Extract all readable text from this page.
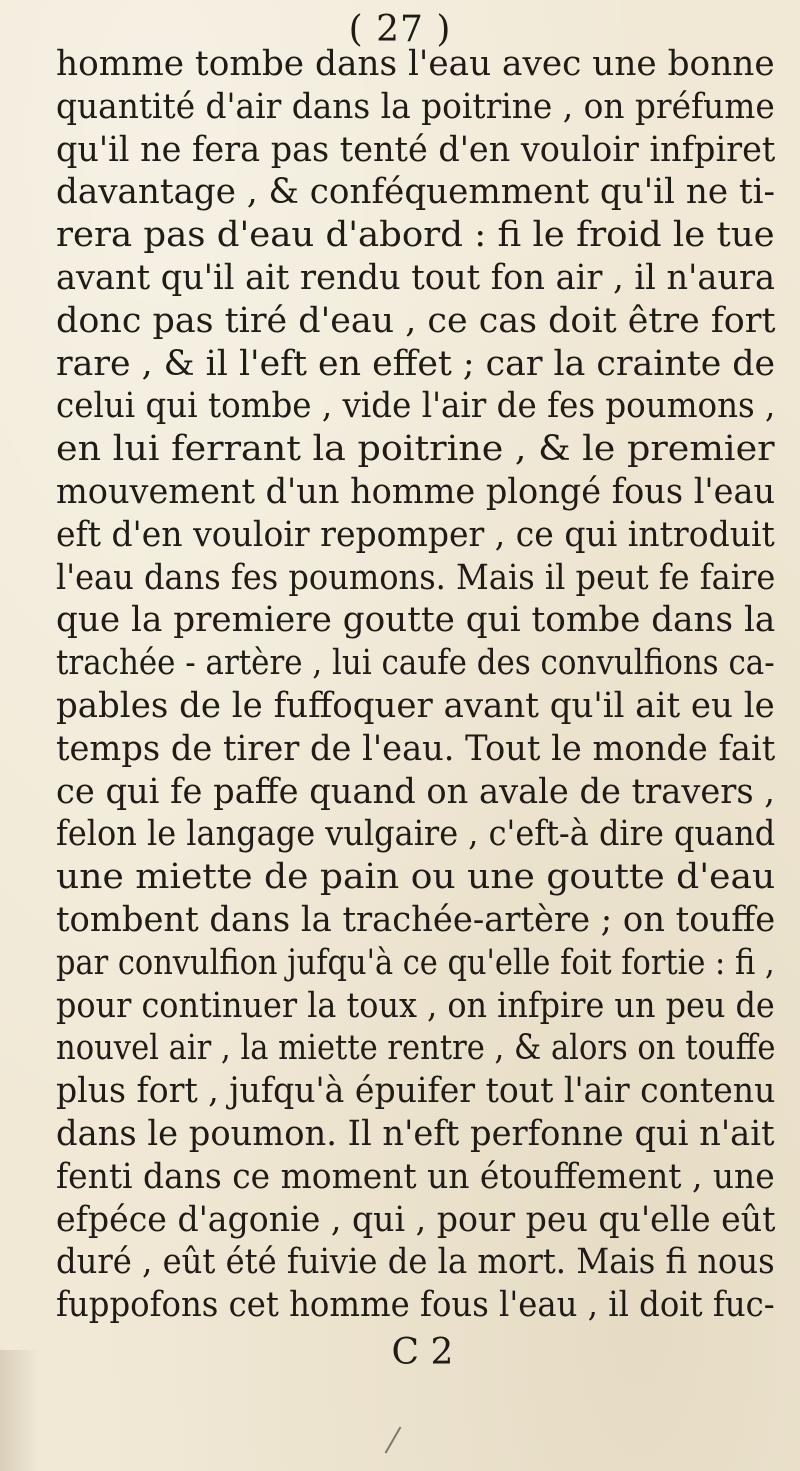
( 27 )
homme tombe dans l'eau avec une bonne
quantité d'air dans la poitrine , on préfume
qu'il ne fera pas tenté d'en vouloir infpiret
davantage , & conféquemment qu'il ne ti-
rera pas d'eau d'abord : fi le froid le tue
avant qu'il ait rendu tout fon air , il n'aura
donc pas tiré d'eau , ce cas doit être fort
rare , & il l'eft en effet ; car la crainte de
celui qui tombe , vide l'air de fes poumons ,
en lui ferrant la poitrine , & le premier
mouvement d'un homme plongé fous l'eau
eft d'en vouloir repomper , ce qui introduit
l'eau dans fes poumons. Mais il peut fe faire
que la premiere goutte qui tombe dans la
trachée - artère , lui caufe des convulfions ca-
pables de le fuffoquer avant qu'il ait eu le
temps de tirer de l'eau. Tout le monde fait
ce qui fe paffe quand on avale de travers ,
felon le langage vulgaire , c'eft-à dire quand
une miette de pain ou une goutte d'eau
tombent dans la trachée-artère ; on touffe
par convulfion jufqu'à ce qu'elle foit fortie : fi ,
pour continuer la toux , on infpire un peu de
nouvel air , la miette rentre , & alors on touffe
plus fort , jufqu'à épuifer tout l'air contenu
dans le poumon. Il n'eft perfonne qui n'ait
fenti dans ce moment un étouffement , une
efpéce d'agonie , qui , pour peu qu'elle eût
duré , eût été fuivie de la mort. Mais fi nous
fuppofons cet homme fous l'eau , il doit fuc-
C 2
